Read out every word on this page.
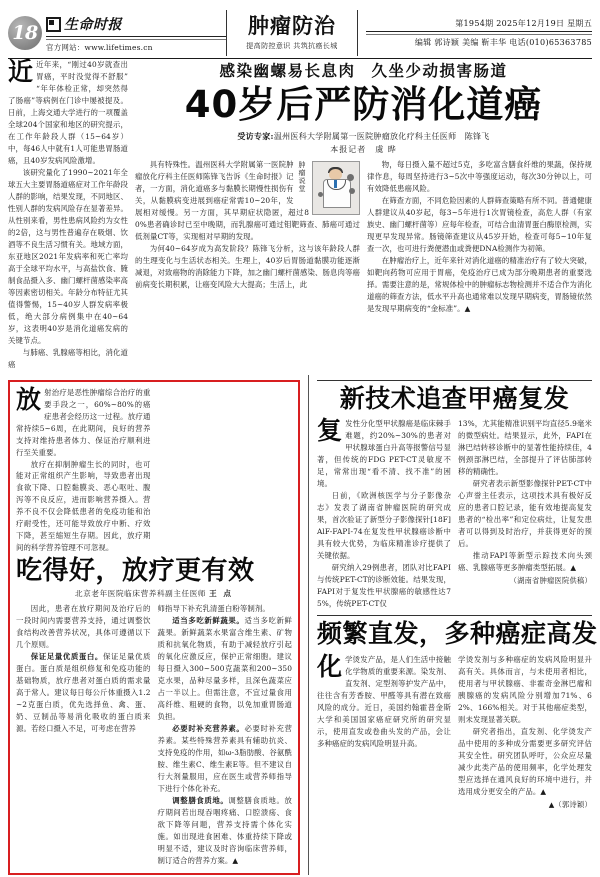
18	生命时报
官方网站：www.lifetimes.cn
肿瘤防治
提高防控意识 共筑抗癌长城
第1954期 2025年12月19日 星期五
编辑 郭诗颖 美编 靳丰华 电话(010)65363785

近近年来，“刚过40岁就查出胃癌，平时没觉得不舒服”“年年体检正常，却突然得了肠癌”等病例在门诊中屡被提及。日前，上海交通大学进行的一项覆盖全球204个国家和地区的研究提示，在工作年龄段人群（15~64岁）中，每46人中就有1人可能患胃肠道癌，且40岁发病风险激增。

该研究量化了1990~2021年全球五大主要胃肠道癌症对工作年龄段人群的影响，结果发现，不同地区、性别人群的发病风险存在显著差异。从性别来看，男性患病风险约为女性的2倍，这与男性普遍存在吸烟、饮酒等不良生活习惯有关。地域方面，东亚地区2021年发病率和死亡率均高于全球平均水平，与高盐饮食、腌制食品摄入多、幽门螺杆菌感染率高等因素密切相关。年龄分布特征尤其值得警惕，15~40岁人群发病率极低，绝大部分病例集中在40~64岁，这表明40岁是消化道癌发病的关键节点。

与肺癌、乳腺癌等相比，消化道癌

感染幽螺易长息肉 久坐少动损害肠道
40岁后严防消化道癌
受访专家:温州医科大学附属第一医院肿瘤放化疗科主任医师　陈锋飞
本报记者　虞 晔
肿瘤说堂

具有特殊性。温州医科大学附属第一医院肿瘤放化疗科主任医师陈锋飞告诉《生命时报》记者，一方面，消化道癌多与黏膜长期慢性损伤有关，从黏膜病变进展到癌症常需10~20年，发展相对缓慢。另一方面，其早期症状隐匿，超过80%患者确诊时已至中晚期，而乳腺癌可通过钼靶筛查、肺癌可通过低剂量CT等，实现相对早期的发现。

为何40~64岁成为高发阶段？陈锋飞分析，这与该年龄段人群的生理变化与生活状态相关。生理上，40岁后胃肠道黏膜功能逐渐减退，对致癌物的消除能力下降，加之幽门螺杆菌感染、肠息肉等癌前病变长期积累，让癌变风险大大提高；生活上，此

物，每日摄入量不超过5克，多吃富含膳食纤维的果蔬，保持规律作息，每周坚持进行3~5次中等强度运动，每次30分钟以上，可有效降低患癌风险。

在筛查方面，不同危险因素的人群筛查策略有所不同。普通健康人群建议从40岁起，每3~5年进行1次胃镜检查，高危人群（有家族史、幽门螺杆菌等）应每年检查，可结合血清胃蛋白酶原检测，实现更早发现异常。肠镜筛查建议从45岁开始，检查可每5~10年复查一次，也可进行粪便潜血或粪便DNA检测作为初筛。

在肿瘤治疗上，近年来针对消化道癌的精准治疗有了较大突破，如靶向药物可应用于胃癌，免疫治疗已成为部分晚期患者的重要选择。需要注意的是，常规体检中的肿瘤标志物检测并不适合作为消化道癌的筛查方法，低水平升高也通常难以发现早期病变，胃肠镜依然是发现早期病变的“金标准”。▲

放射治疗是恶性肿瘤综合治疗的重要手段之一，60%~80%的癌症患者会经历这一过程。放疗通常持续5~6周，在此期间，良好的营养支持对维持患者体力、保证治疗顺利进行至关重要。

放疗在抑制肿瘤生长的同时，也可能对正常组织产生影响，导致患者出现食欲下降、口腔黏膜炎、恶心呕吐、腹泻等不良反应，进而影响营养摄入。营养不良不仅会降低患者的免疫功能和治疗耐受性，还可能导致放疗中断、疗效下降，甚至缩短生存期。因此，放疗期间的科学营养管理不可忽视。

吃得好，放疗更有效
北京老年医院临床营养科副主任医师 王 点

因此，患者在放疗期间及治疗后的一段时间内需要营养支持，通过调整饮食结构改善营养状况，具体可遵循以下几个原则。

保证足量优质蛋白。保证足量优质蛋白。蛋白质是组织修复和免疫功能的基础物质，放疗患者对蛋白质的需求量高于常人。建议每日每公斤体重摄入1.2~2克蛋白质，优先选择鱼、禽、蛋、奶、豆制品等易消化吸收的蛋白质来源。若经口摄入不足，可考虑在营养

师指导下补充乳清蛋白粉等制剂。

适当多吃新鲜蔬果。适当多吃新鲜蔬果。新鲜蔬菜水果富含维生素、矿物质和抗氧化物质，有助于减轻放疗引起的氧化应激反应，保护正常细胞。建议每日摄入300~500克蔬菜和200~350克水果，品种尽量多样，且深色蔬菜应占一半以上。但需注意，不宜过量食用高纤维、粗硬的食物，以免加重胃肠道负担。

必要时补充营养素。必要时补充营养素。某些特殊营养素具有辅助抗炎、支持免疫的作用，如ω-3脂肪酸、谷氨酰胺、维生素C、维生素E等。但不建议自行大剂量服用，应在医生或营养师指导下进行个体化补充。

调整膳食质地。调整膳食质地。放疗期间若出现吞咽疼痛、口腔溃疡、食欲下降等问题，营养支持需个体化实施。如出现进食困难、体重持续下降或明显不适，建议及时咨询临床营养师，制订适合的营养方案。▲

新技术追查甲癌复发

复发性分化型甲状腺癌是临床棘手难题，约20%~30%的患者对甲状腺球蛋白升高等报警信号显著，但传统的FDG PET-CT灵敏度不足，常常出现“看不清、找不准”的困境。

日前，《欧洲核医学与分子影像杂志》发表了湖南省肿瘤医院的研究成果，首次验证了新型分子影像探针[18F]AlF-FAPI-74在复发性甲状腺癌诊断中具有较大优势，为临床精准诊疗提供了关键依据。

研究纳入29例患者，团队对比FAPI与传统PET-CT的诊断效能。结果发现，FAPI对于复发性甲状腺癌的敏感性达75%，传统PET-CT仅

13%，尤其能精准识别平均直径5.9毫米的微型病灶。结果显示，此外，FAPI在淋巴结转移诊断中的显著性能持续佳，4例颈部淋巴结，全部提升了评估肺部转移的精确性。

研究者表示新型影像探针PET-CT中心声誉主任表示，这项技术具有极好反应的患者口腔记录，能有效地提高复发患者的“检出率”和定位病灶，让复发患者可以得到及时治疗，并获得更好的预后。

推动FAPI等新型示踪技术向头颈癌、乳腺癌等更多肿瘤类型拓展。▲

（湖南省肿瘤医院供稿）
频繁直发，多种癌症高发

化学烫发产品，是人们生活中接触化学物质的重要来源。染发剂、直发剂、定型剂等护发产品中，往往含有芳香胺、甲醛等具有潜在致癌风险的成分。近日，美国约翰霍普金斯大学和美国国家癌症研究所的研究显示，使用直发或卷曲头发的产品，会让多种癌症的发病风险明显升高。

学烫发剂与多种癌症的发病风险明显升高有关。具体而言，与未使用者相比，使用者与甲状腺癌、非霍奇金淋巴瘤和胰腺癌的发病风险分别增加71%、62%、166%相关。对于其他癌症类型，则未发现显著关联。

研究者指出，直发剂、化学烫发产品中使用的多种成分需要更多研究评估其安全性。研究团队呼吁，公众应尽量减少此类产品的使用频率，化学处理发型应选择在通风良好的环境中进行，并选用成分更安全的产品。▲

▲（郭诗颖）
